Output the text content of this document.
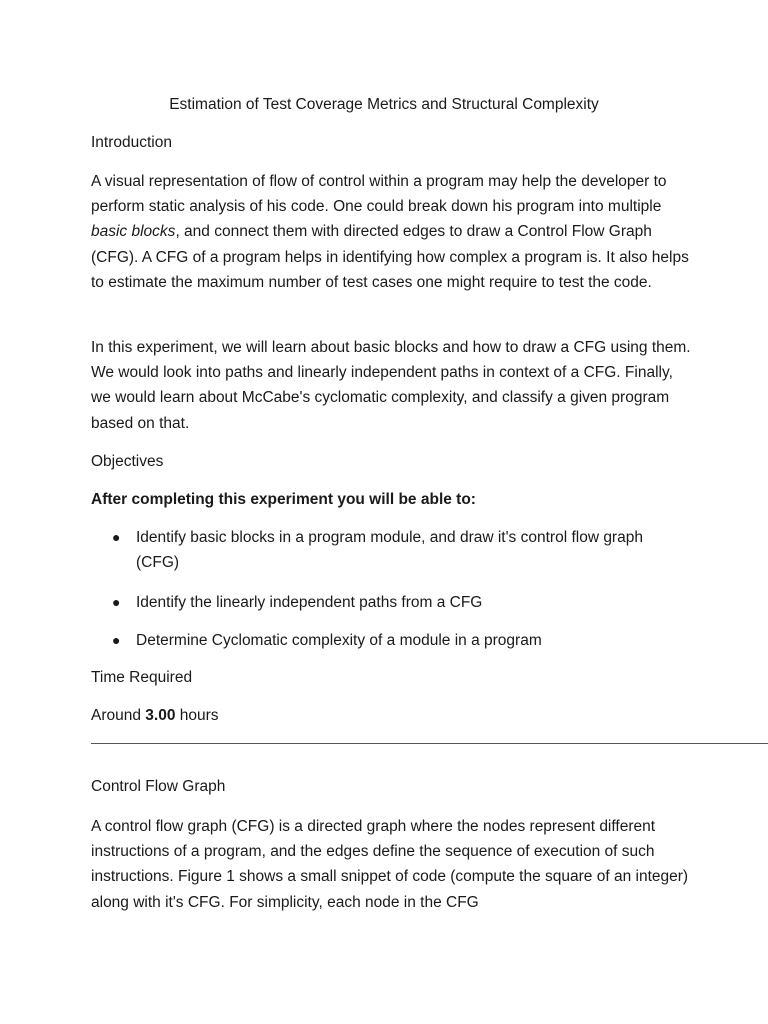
Estimation of Test Coverage Metrics and Structural Complexity
Introduction
A visual representation of flow of control within a program may help the developer to perform static analysis of his code. One could break down his program into multiple basic blocks, and connect them with directed edges to draw a Control Flow Graph (CFG). A CFG of a program helps in identifying how complex a program is. It also helps to estimate the maximum number of test cases one might require to test the code.
In this experiment, we will learn about basic blocks and how to draw a CFG using them. We would look into paths and linearly independent paths in context of a CFG. Finally, we would learn about McCabe's cyclomatic complexity, and classify a given program based on that.
Objectives
After completing this experiment you will be able to:
● Identify basic blocks in a program module, and draw it's control flow graph (CFG)
● Identify the linearly independent paths from a CFG
● Determine Cyclomatic complexity of a module in a program
Time Required
Around 3.00 hours
Control Flow Graph
A control flow graph (CFG) is a directed graph where the nodes represent different instructions of a program, and the edges define the sequence of execution of such instructions. Figure 1 shows a small snippet of code (compute the square of an integer) along with it's CFG. For simplicity, each node in the CFG
